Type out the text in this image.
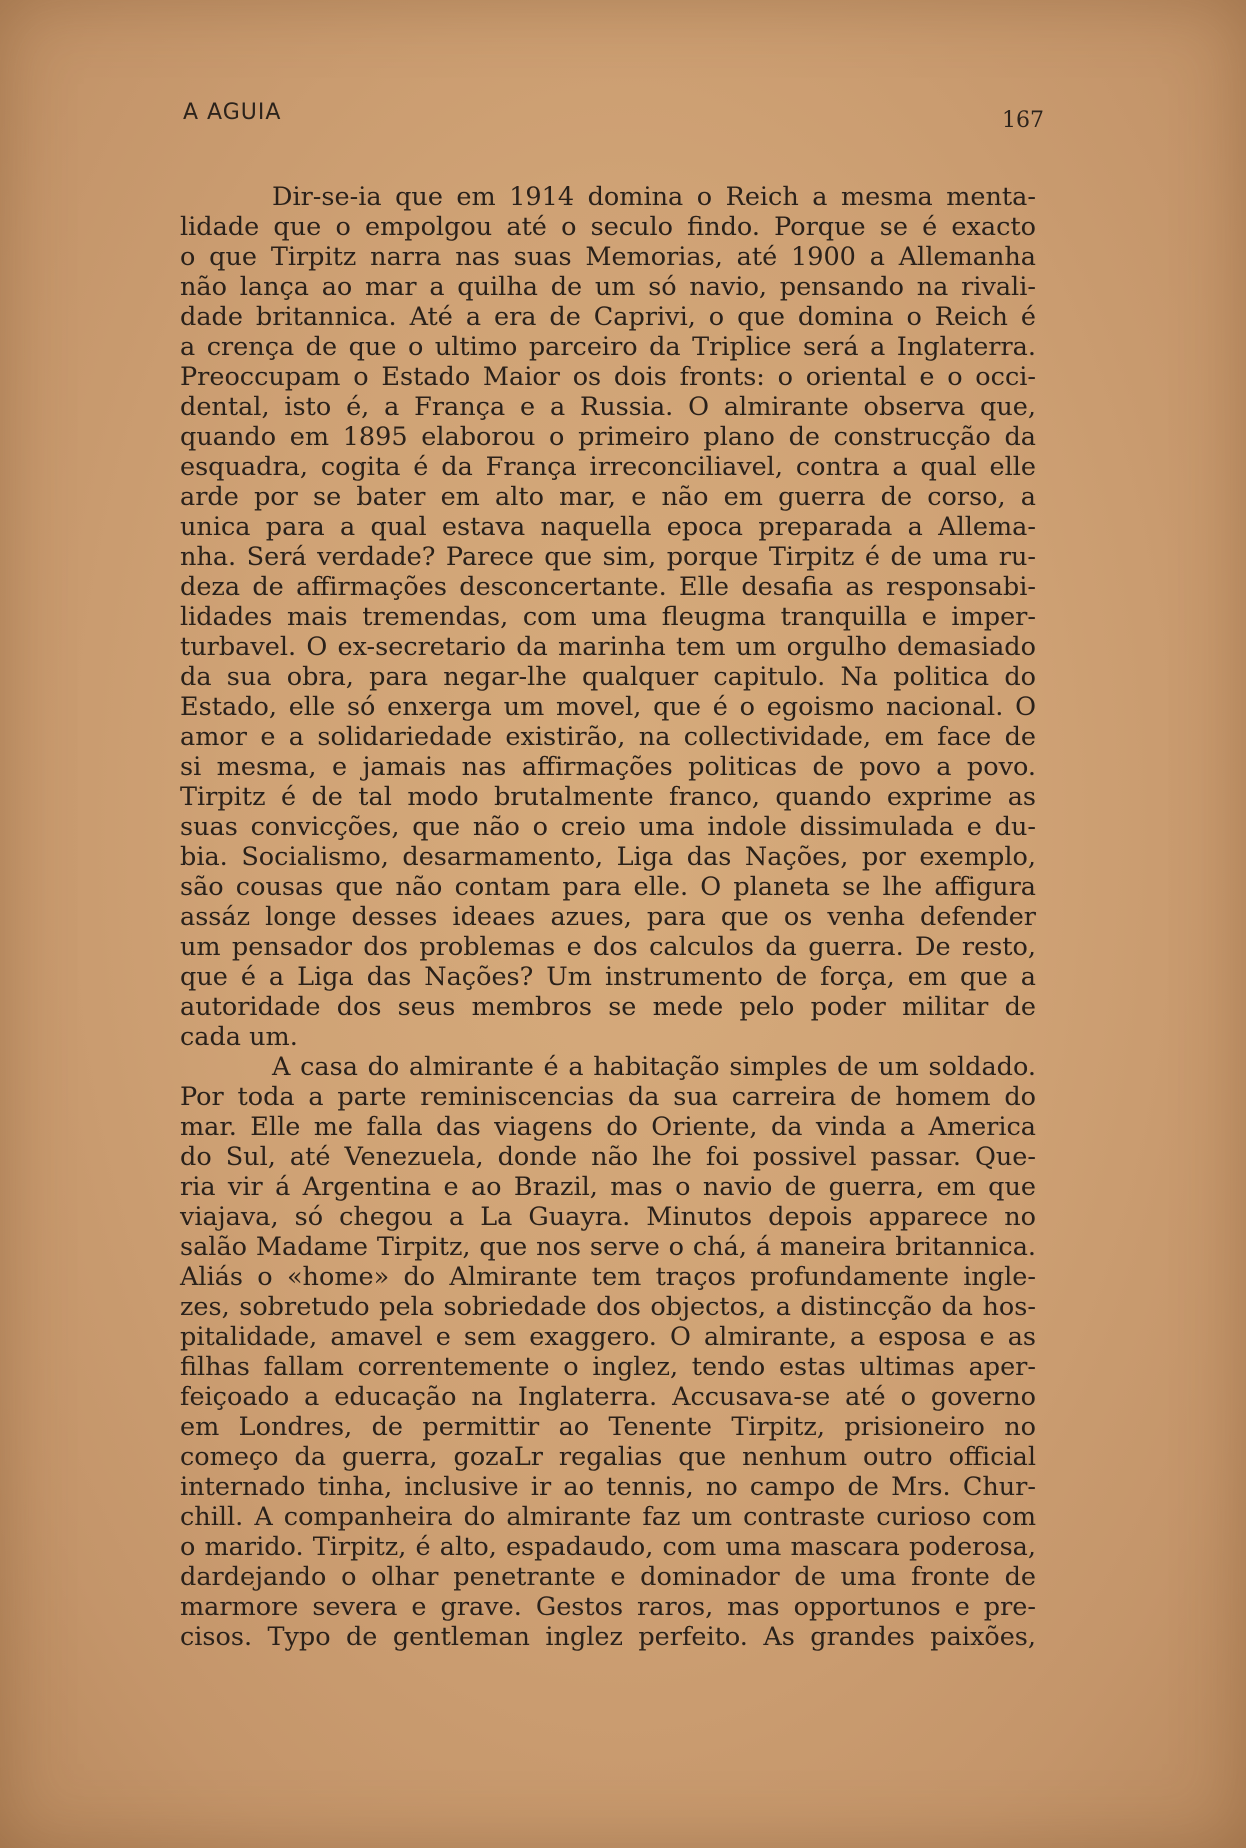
A AGUIA	167
Dir-se-ia que em 1914 domina o Reich a mesma menta-
lidade que o empolgou até o seculo findo. Porque se é exacto
o que Tirpitz narra nas suas Memorias, até 1900 a Allemanha
não lança ao mar a quilha de um só navio, pensando na rivali-
dade britannica. Até a era de Caprivi, o que domina o Reich é
a crença de que o ultimo parceiro da Triplice será a Inglaterra.
Preoccupam o Estado Maior os dois fronts: o oriental e o occi-
dental, isto é, a França e a Russia. O almirante observa que,
quando em 1895 elaborou o primeiro plano de construcção da
esquadra, cogita é da França irreconciliavel, contra a qual elle
arde por se bater em alto mar, e não em guerra de corso, a
unica para a qual estava naquella epoca preparada a Allema-
nha. Será verdade? Parece que sim, porque Tirpitz é de uma ru-
deza de affirmações desconcertante. Elle desafia as responsabi-
lidades mais tremendas, com uma fleugma tranquilla e imper-
turbavel. O ex-secretario da marinha tem um orgulho demasiado
da sua obra, para negar-lhe qualquer capitulo. Na politica do
Estado, elle só enxerga um movel, que é o egoismo nacional. O
amor e a solidariedade existirão, na collectividade, em face de
si mesma, e jamais nas affirmações politicas de povo a povo.
Tirpitz é de tal modo brutalmente franco, quando exprime as
suas convicções, que não o creio uma indole dissimulada e du-
bia. Socialismo, desarmamento, Liga das Nações, por exemplo,
são cousas que não contam para elle. O planeta se lhe affigura
assáz longe desses ideaes azues, para que os venha defender
um pensador dos problemas e dos calculos da guerra. De resto,
que é a Liga das Nações? Um instrumento de força, em que a
autoridade dos seus membros se mede pelo poder militar de
cada um.
A casa do almirante é a habitação simples de um soldado.
Por toda a parte reminiscencias da sua carreira de homem do
mar. Elle me falla das viagens do Oriente, da vinda a America
do Sul, até Venezuela, donde não lhe foi possivel passar. Que-
ria vir á Argentina e ao Brazil, mas o navio de guerra, em que
viajava, só chegou a La Guayra. Minutos depois apparece no
salão Madame Tirpitz, que nos serve o chá, á maneira britannica.
Aliás o «home» do Almirante tem traços profundamente ingle-
zes, sobretudo pela sobriedade dos objectos, a distincção da hos-
pitalidade, amavel e sem exaggero. O almirante, a esposa e as
filhas fallam correntemente o inglez, tendo estas ultimas aper-
feiçoado a educação na Inglaterra. Accusava-se até o governo
em Londres, de permittir ao Tenente Tirpitz, prisioneiro no
começo da guerra, gozaLr regalias que nenhum outro official
internado tinha, inclusive ir ao tennis, no campo de Mrs. Chur-
chill. A companheira do almirante faz um contraste curioso com
o marido. Tirpitz, é alto, espadaudo, com uma mascara poderosa,
dardejando o olhar penetrante e dominador de uma fronte de
marmore severa e grave. Gestos raros, mas opportunos e pre-
cisos. Typo de gentleman inglez perfeito. As grandes paixões,
